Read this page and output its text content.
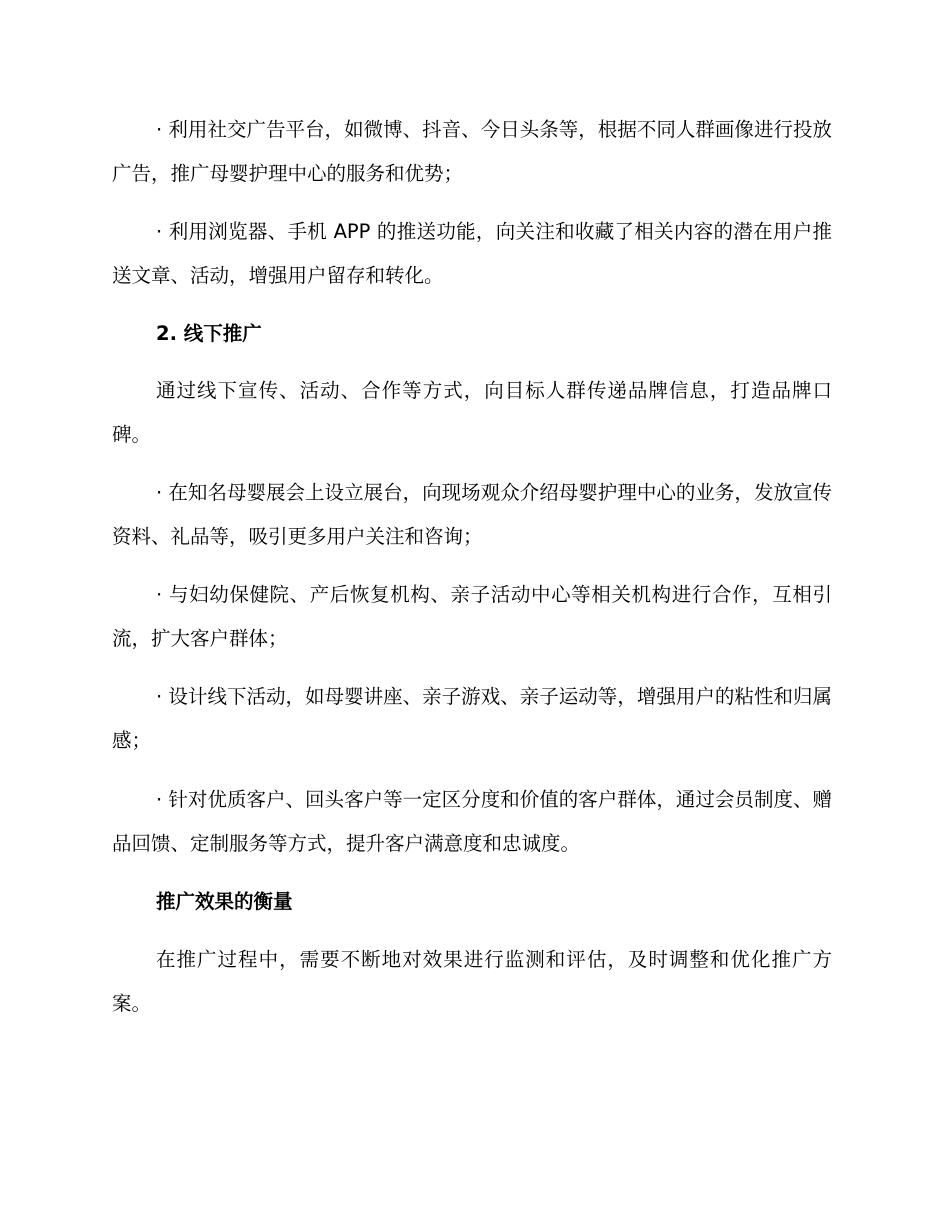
· 利用社交广告平台，如微博、抖音、今日头条等，根据不同人群画像进行投放广告，推广母婴护理中心的服务和优势；

· 利用浏览器、手机 APP 的推送功能，向关注和收藏了相关内容的潜在用户推送文章、活动，增强用户留存和转化。

2. 线下推广

通过线下宣传、活动、合作等方式，向目标人群传递品牌信息，打造品牌口碑。

· 在知名母婴展会上设立展台，向现场观众介绍母婴护理中心的业务，发放宣传资料、礼品等，吸引更多用户关注和咨询；

· 与妇幼保健院、产后恢复机构、亲子活动中心等相关机构进行合作，互相引流，扩大客户群体；

· 设计线下活动，如母婴讲座、亲子游戏、亲子运动等，增强用户的粘性和归属感；

· 针对优质客户、回头客户等一定区分度和价值的客户群体，通过会员制度、赠品回馈、定制服务等方式，提升客户满意度和忠诚度。

推广效果的衡量

在推广过程中，需要不断地对效果进行监测和评估，及时调整和优化推广方案。
